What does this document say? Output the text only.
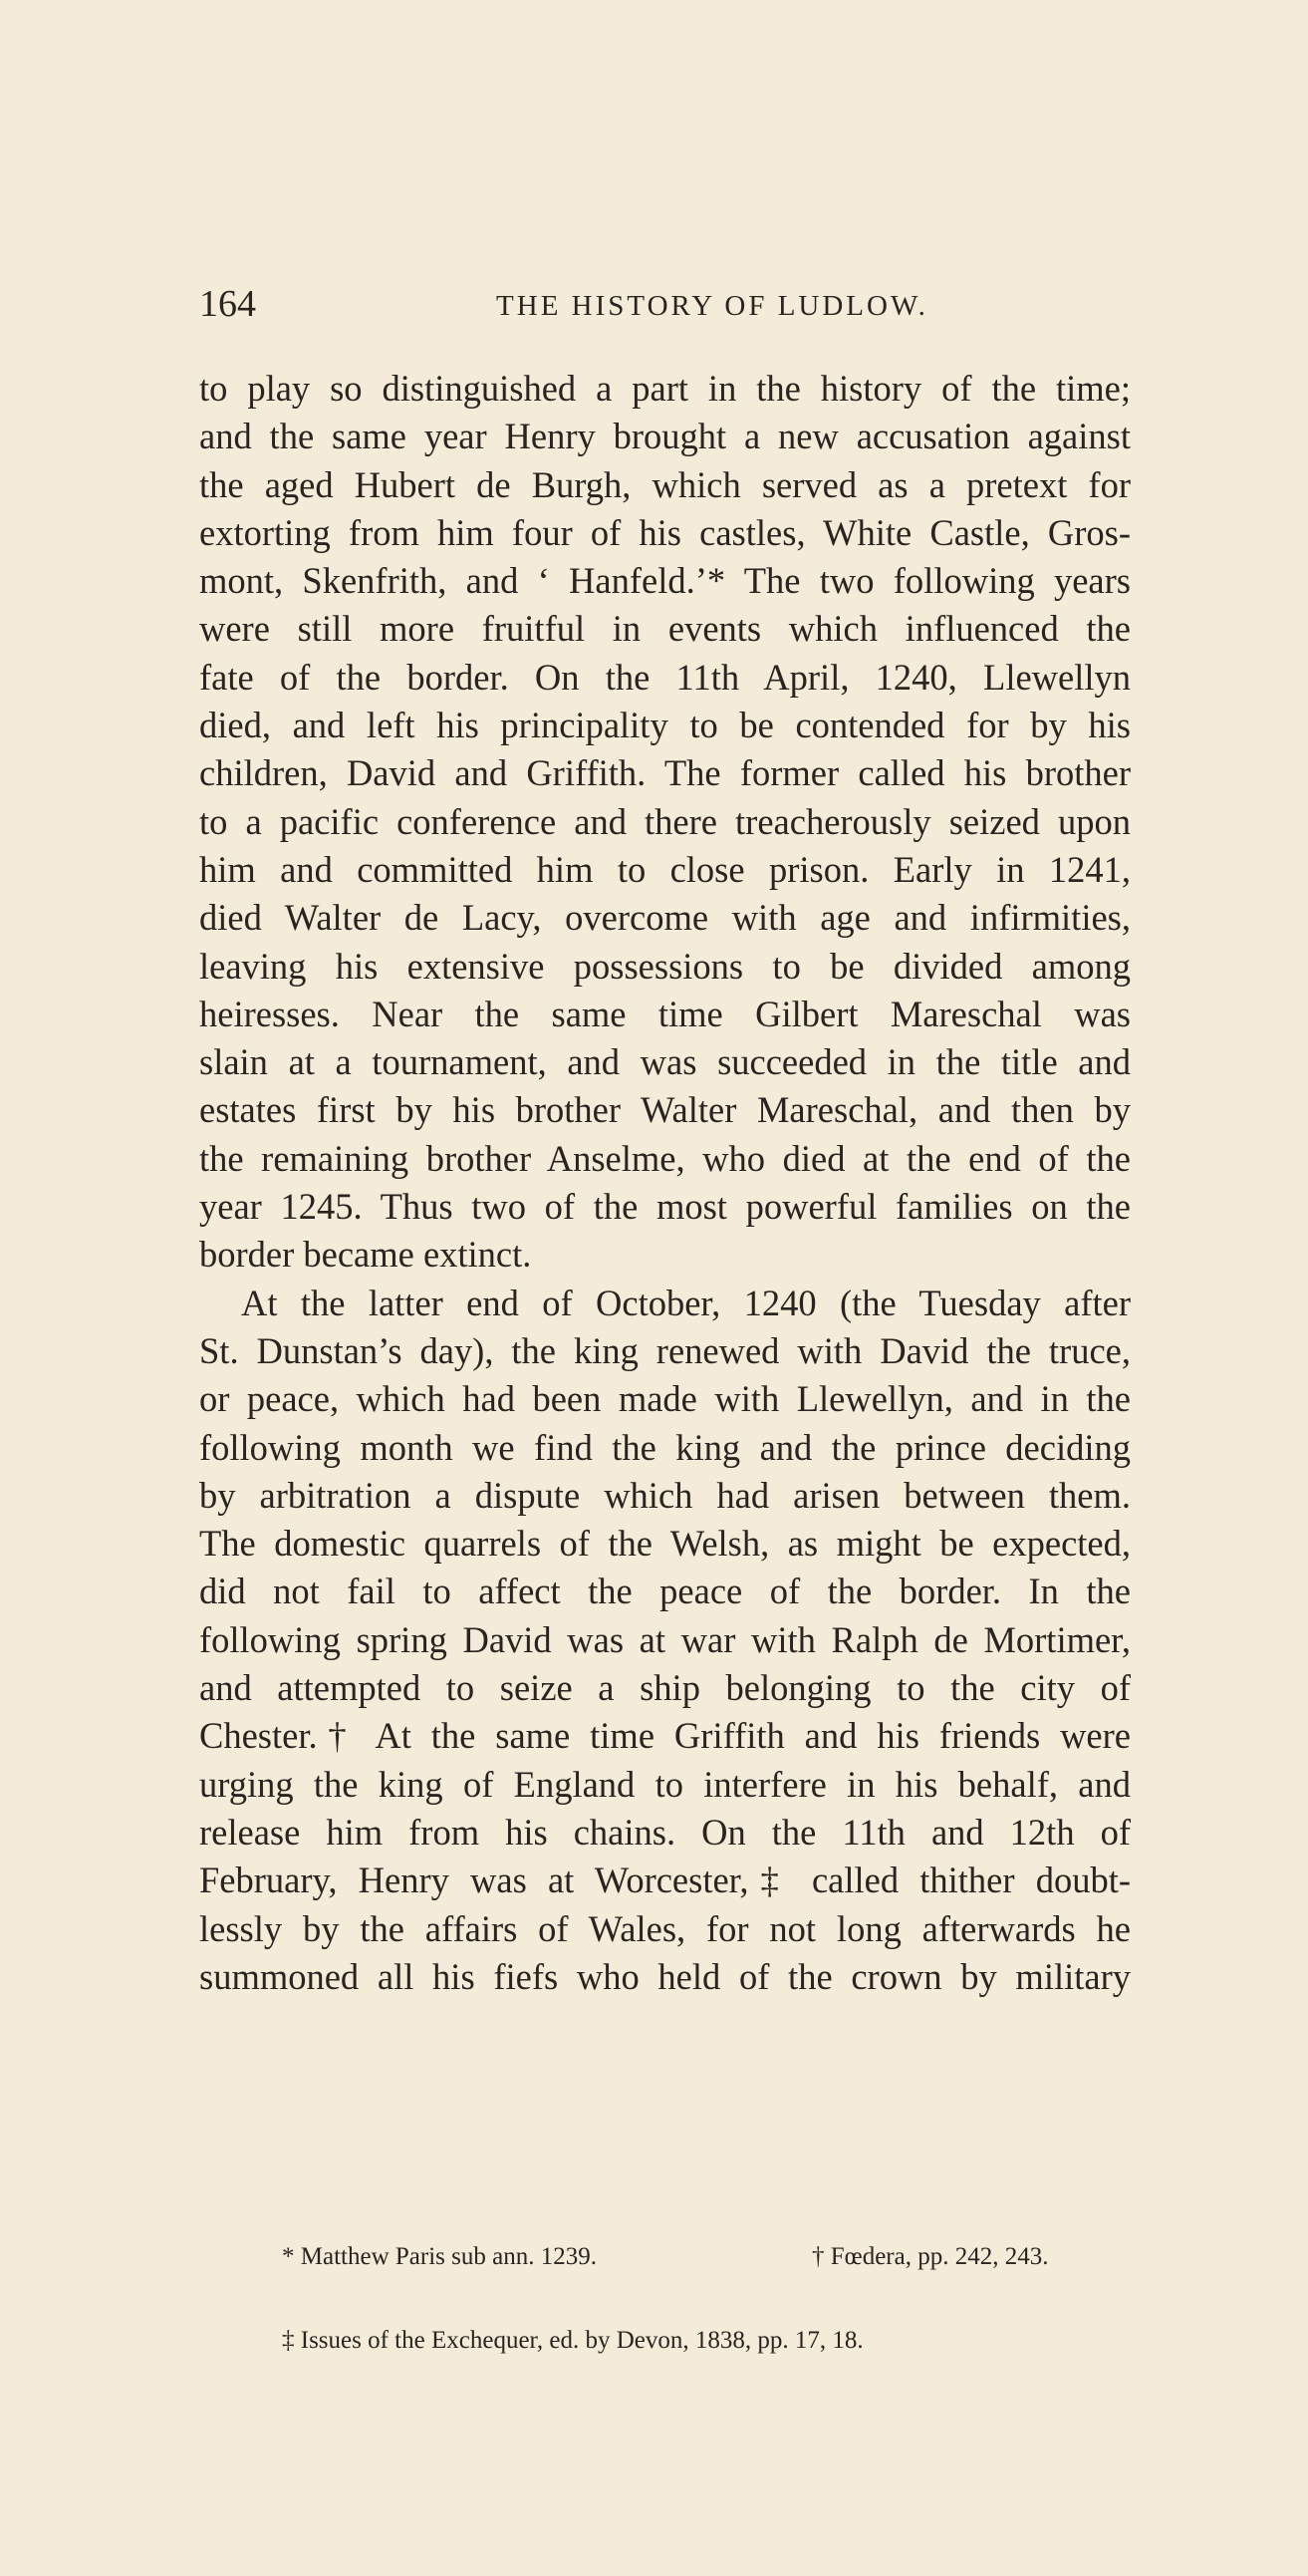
164	THE HISTORY OF LUDLOW.
to play so distinguished a part in the history of the time;
and the same year Henry brought a new accusation against
the aged Hubert de Burgh, which served as a pretext for
extorting from him four of his castles, White Castle, Gros-
mont, Skenfrith, and ‘ Hanfeld.’* The two following years
were still more fruitful in events which influenced the
fate of the border. On the 11th April, 1240, Llewellyn
died, and left his principality to be contended for by his
children, David and Griffith. The former called his brother
to a pacific conference and there treacherously seized upon
him and committed him to close prison. Early in 1241,
died Walter de Lacy, overcome with age and infirmities,
leaving his extensive possessions to be divided among
heiresses. Near the same time Gilbert Mareschal was
slain at a tournament, and was succeeded in the title and
estates first by his brother Walter Mareschal, and then by
the remaining brother Anselme, who died at the end of the
year 1245. Thus two of the most powerful families on the
border became extinct.
At the latter end of October, 1240 (the Tuesday after
St. Dunstan’s day), the king renewed with David the truce,
or peace, which had been made with Llewellyn, and in the
following month we find the king and the prince deciding
by arbitration a dispute which had arisen between them.
The domestic quarrels of the Welsh, as might be expected,
did not fail to affect the peace of the border. In the
following spring David was at war with Ralph de Mortimer,
and attempted to seize a ship belonging to the city of
Chester.† At the same time Griffith and his friends were
urging the king of England to interfere in his behalf, and
release him from his chains. On the 11th and 12th of
February, Henry was at Worcester,‡ called thither doubt-
lessly by the affairs of Wales, for not long afterwards he
summoned all his fiefs who held of the crown by military
* Matthew Paris sub ann. 1239.	† Fœdera, pp. 242, 243.
‡ Issues of the Exchequer, ed. by Devon, 1838, pp. 17, 18.
